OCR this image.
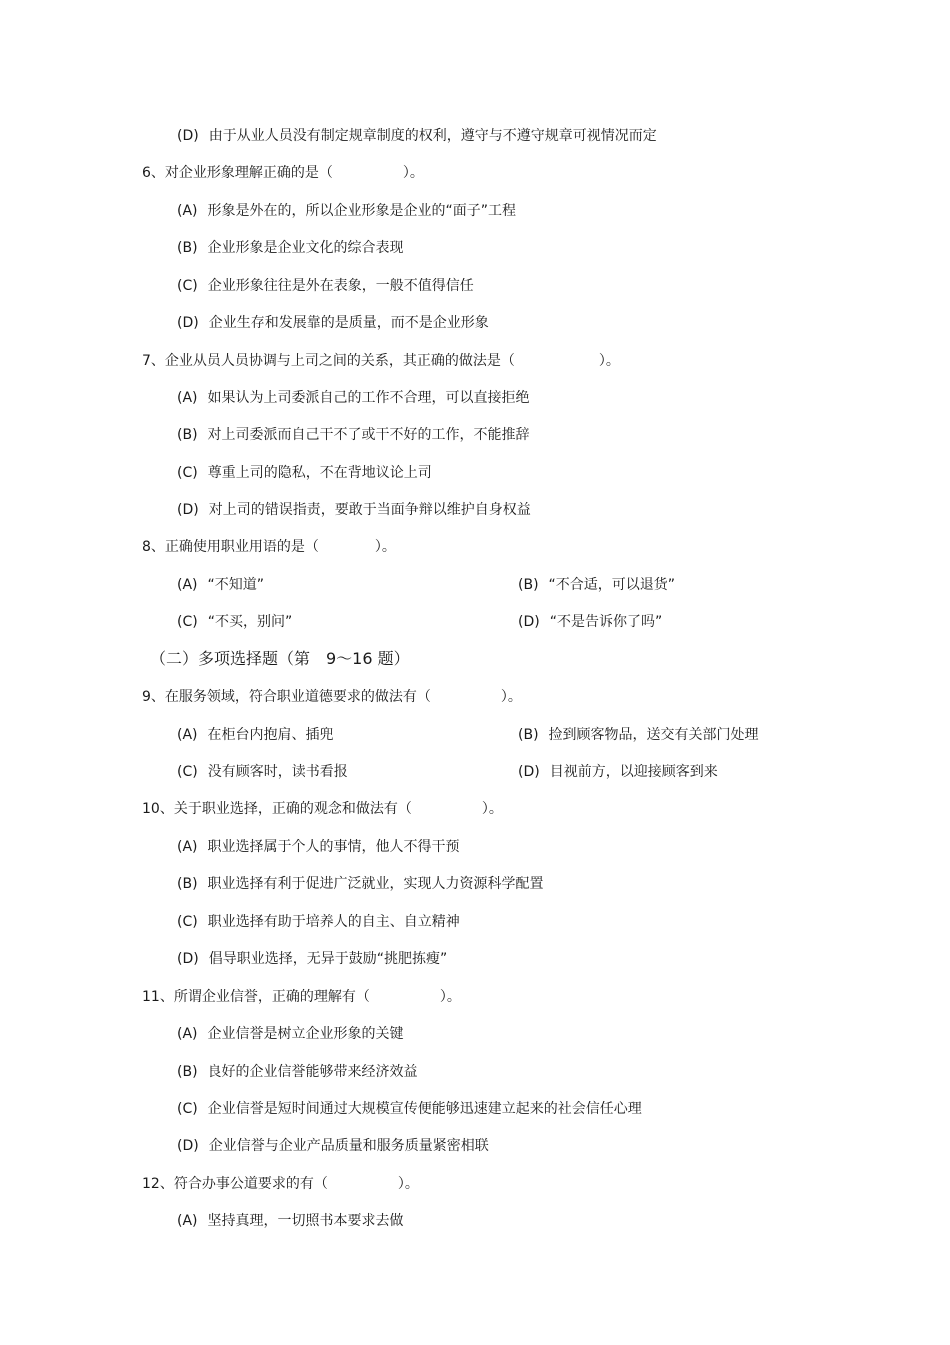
(D) 由于从业人员没有制定规章制度的权利，遵守与不遵守规章可视情况而定
6、对企业形象理解正确的是（　　　　　）。
(A) 形象是外在的，所以企业形象是企业的“面子”工程
(B) 企业形象是企业文化的综合表现
(C) 企业形象往往是外在表象，一般不值得信任
(D) 企业生存和发展靠的是质量，而不是企业形象
7、企业从员人员协调与上司之间的关系，其正确的做法是（　　　　　　）。
(A) 如果认为上司委派自己的工作不合理，可以直接拒绝
(B) 对上司委派而自己干不了或干不好的工作，不能推辞
(C) 尊重上司的隐私，不在背地议论上司
(D) 对上司的错误指责，要敢于当面争辩以维护自身权益
8、正确使用职业用语的是（　　　　）。
(A) “不知道”	(B) “不合适，可以退货”
(C) “不买，别问”	(D) “不是告诉你了吗”
（二）多项选择题（第　9～16 题）
9、在服务领域，符合职业道德要求的做法有（　　　　　）。
(A) 在柜台内抱肩、插兜	(B) 捡到顾客物品，送交有关部门处理
(C) 没有顾客时，读书看报	(D) 目视前方，以迎接顾客到来
10、关于职业选择，正确的观念和做法有（　　　　　）。
(A) 职业选择属于个人的事情，他人不得干预
(B) 职业选择有利于促进广泛就业，实现人力资源科学配置
(C) 职业选择有助于培养人的自主、自立精神
(D) 倡导职业选择，无异于鼓励“挑肥拣瘦”
11、所谓企业信誉，正确的理解有（　　　　　）。
(A) 企业信誉是树立企业形象的关键
(B) 良好的企业信誉能够带来经济效益
(C) 企业信誉是短时间通过大规模宣传便能够迅速建立起来的社会信任心理
(D) 企业信誉与企业产品质量和服务质量紧密相联
12、符合办事公道要求的有（　　　　　）。
(A) 坚持真理，一切照书本要求去做
